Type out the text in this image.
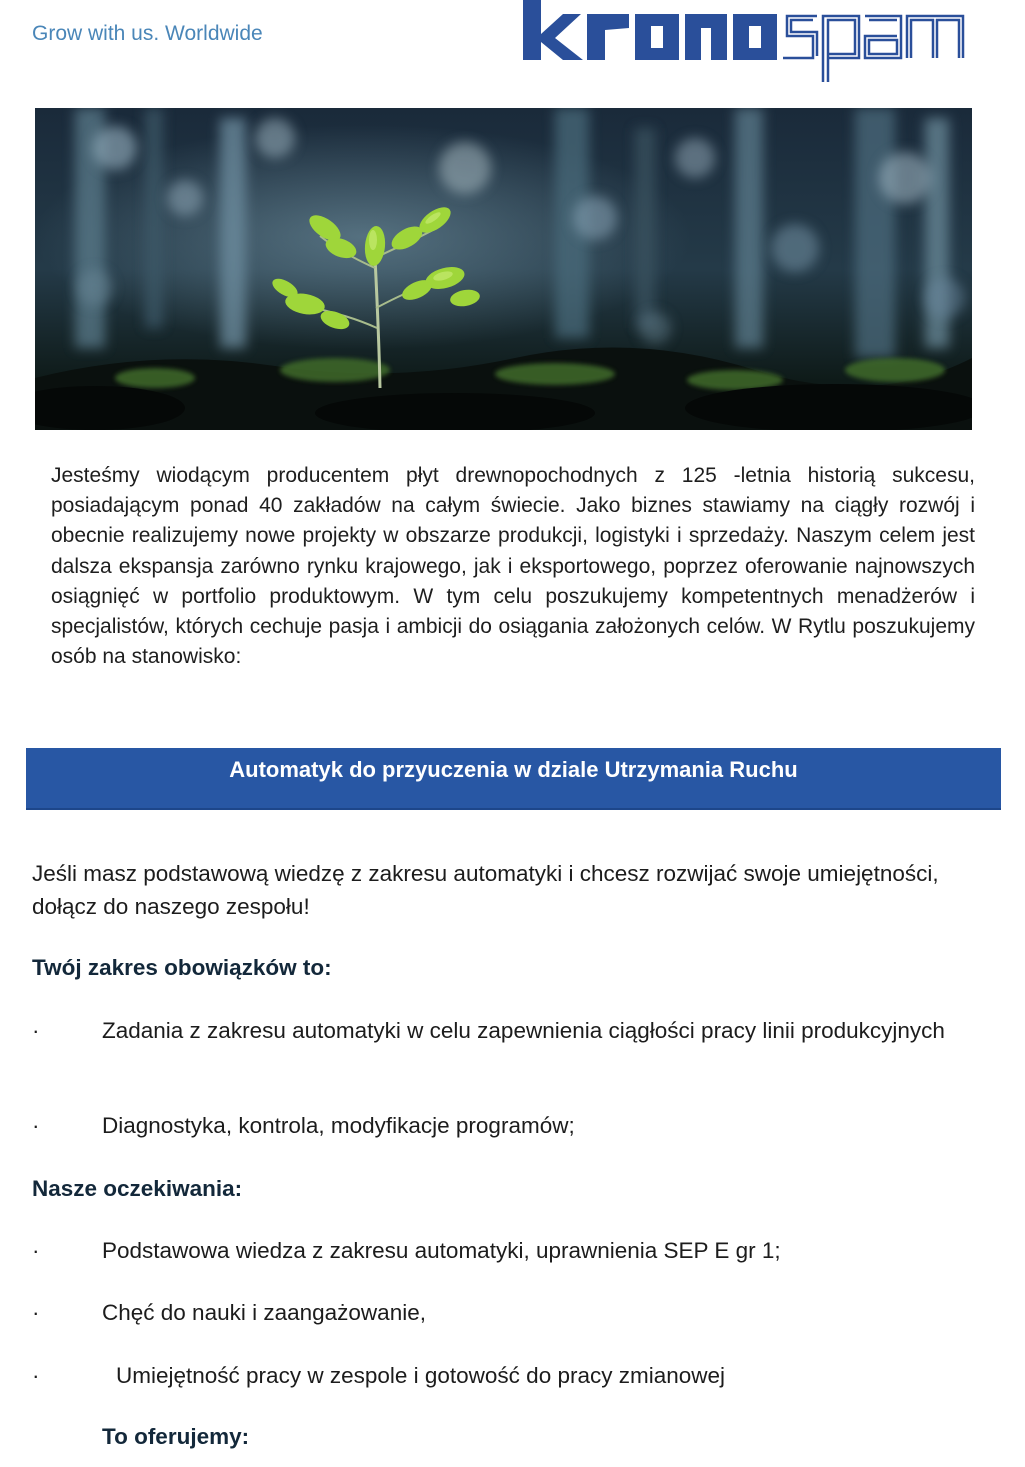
Grow with us. Worldwide
Jesteśmy wiodącym producentem płyt drewnopochodnych z 125 -letnia historią sukcesu, posiadającym ponad 40 zakładów na całym świecie. Jako biznes stawiamy na ciągły rozwój i obecnie realizujemy nowe projekty w obszarze produkcji, logistyki i sprzedaży. Naszym celem jest dalsza ekspansja zarówno rynku krajowego, jak i eksportowego, poprzez oferowanie najnowszych osiągnięć w portfolio produktowym. W tym celu poszukujemy kompetentnych menadżerów i specjalistów, których cechuje pasja i ambicji do osiągania założonych celów. W Rytlu poszukujemy osób na stanowisko:
Automatyk do przyuczenia w dziale Utrzymania Ruchu
Jeśli masz podstawową wiedzę z zakresu automatyki i chcesz rozwijać swoje umiejętności, dołącz do naszego zespołu!
Twój zakres obowiązków to:
·	Zadania z zakresu automatyki w celu zapewnienia ciągłości pracy linii produkcyjnych
·	Diagnostyka, kontrola, modyfikacje programów;
Nasze oczekiwania:
·	Podstawowa wiedza z zakresu automatyki, uprawnienia SEP E gr 1;
·	Chęć do nauki i zaangażowanie,
·	Umiejętność pracy w zespole i gotowość do pracy zmianowej
To oferujemy:
